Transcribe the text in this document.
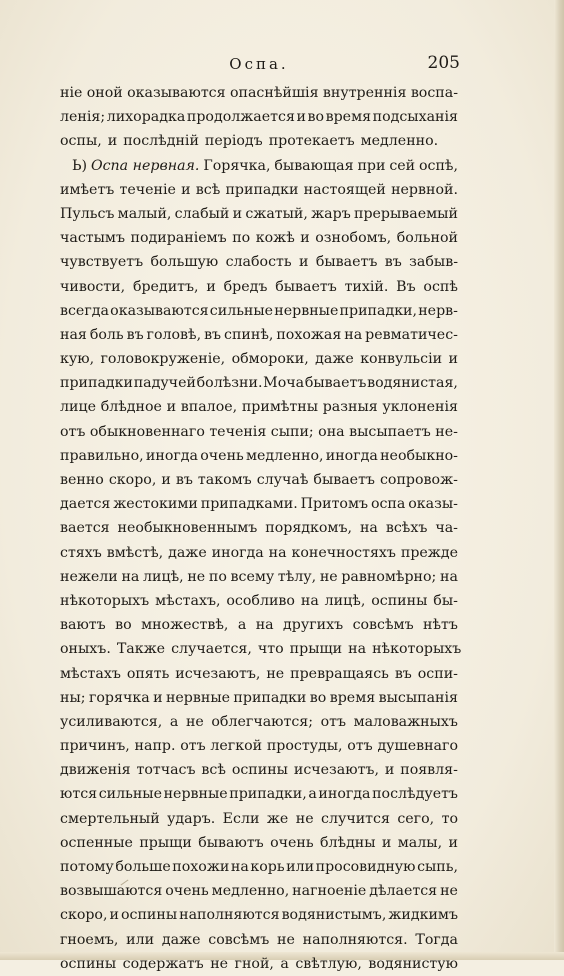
Оспа.	205
ніе оной оказываются опаснѣйшія внутреннія воспа-
ленія; лихорадка продолжается и во время подсыханія
оспы, и послѣдній періодъ протекаетъ медленно.
Ь) Оспа нервная. Горячка, бывающая при сей оспѣ,
имѣетъ теченіе и всѣ припадки настоящей нервной.
Пульсъ малый, слабый и сжатый, жаръ прерываемый
частымъ подираніемъ по кожѣ и ознобомъ, больной
чувствуетъ большую слабость и бываетъ въ забыв-
чивости, бредитъ, и бредъ бываетъ тихій. Въ оспѣ
всегда оказываются сильные нервные припадки, нерв-
ная боль въ головѣ, въ спинѣ, похожая на ревматичес-
кую, головокруженіе, обмороки, даже конвульсіи и
припадки падучей болѣзни. Моча бываетъ водянистая,
лице блѣдное и впалое, примѣтны разныя уклоненія
отъ обыкновеннаго теченія сыпи; она высыпаетъ не-
правильно, иногда очень медленно, иногда необыкно-
венно скоро, и въ такомъ случаѣ бываетъ сопровож-
дается жестокими припадками. Притомъ оспа оказы-
вается необыкновеннымъ порядкомъ, на всѣхъ ча-
стяхъ вмѣстѣ, даже иногда на конечностяхъ прежде
нежели на лицѣ, не по всему тѣлу, не равномѣрно; на
нѣкоторыхъ мѣстахъ, особливо на лицѣ, оспины бы-
ваютъ во множествѣ, а на другихъ совсѣмъ нѣтъ
оныхъ. Также случается, что прыщи на нѣкоторыхъ
мѣстахъ опять исчезаютъ, не превращаясь въ оспи-
ны; горячка и нервные припадки во время высыпанія
усиливаются, а не облегчаются; отъ маловажныхъ
причинъ, напр. отъ легкой простуды, отъ душевнаго
движенія тотчасъ всѣ оспины исчезаютъ, и появля-
ются сильные нервные припадки, а иногда послѣдуетъ
смертельный ударъ. Если же не случится сего, то
оспенные прыщи бываютъ очень блѣдны и малы, и
потому больше похожи на корь или просовидную сыпь,
возвышаются очень медленно, нагноеніе дѣлается не
скоро, и оспины наполняются водянистымъ, жидкимъ
гноемъ, или даже совсѣмъ не наполняются. Тогда
оспины содержатъ не гной, а свѣтлую, водянистую
